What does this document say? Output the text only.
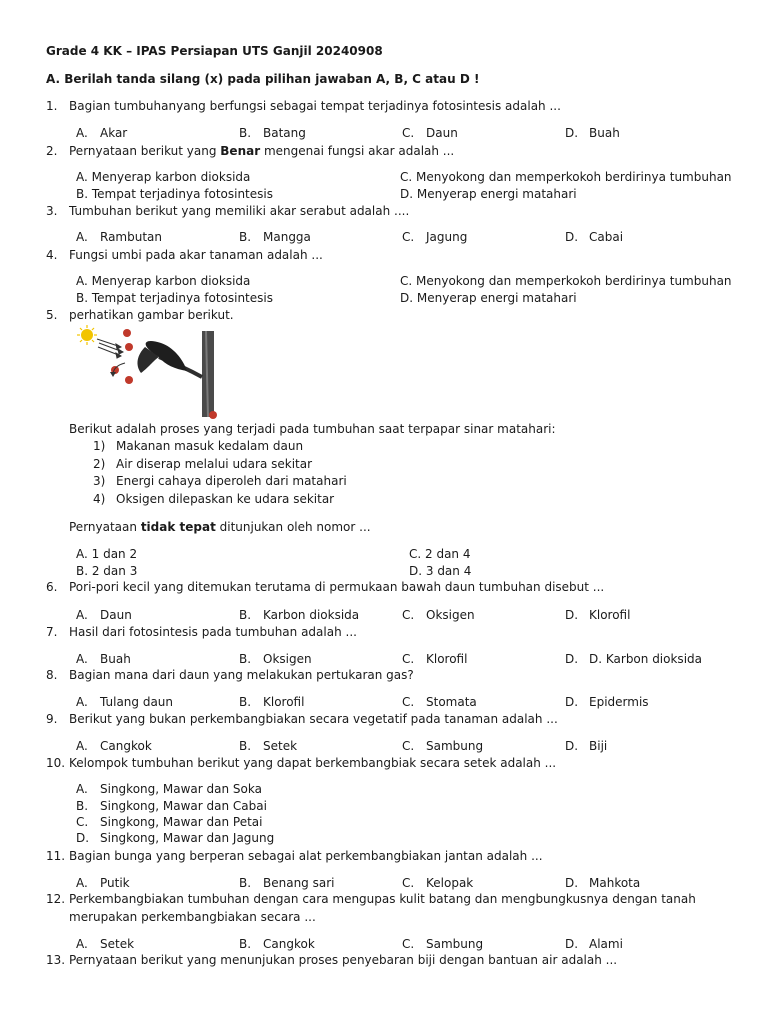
Grade 4 KK – IPAS Persiapan UTS Ganjil 20240908
A. Berilah tanda silang (x) pada pilihan jawaban A, B, C atau D !
1. Bagian tumbuhanyang berfungsi sebagai tempat terjadinya fotosintesis adalah ...
A. Akar	B. Batang	C. Daun	D. Buah
2. Pernyataan berikut yang Benar mengenai fungsi akar adalah ...
A. Menyerap karbon dioksida	C. Menyokong dan memperkokoh berdirinya tumbuhan
B. Tempat terjadinya fotosintesis	D. Menyerap energi matahari
3. Tumbuhan berikut yang memiliki akar serabut adalah ....
A. Rambutan	B. Mangga	C. Jagung	D. Cabai
4. Fungsi umbi pada akar tanaman adalah ...
A. Menyerap karbon dioksida	C. Menyokong dan memperkokoh berdirinya tumbuhan
B. Tempat terjadinya fotosintesis	D. Menyerap energi matahari
5. perhatikan gambar berikut.
Berikut adalah proses yang terjadi pada tumbuhan saat terpapar sinar matahari:
1) Makanan masuk kedalam daun
2) Air diserap melalui udara sekitar
3) Energi cahaya diperoleh dari matahari
4) Oksigen dilepaskan ke udara sekitar
Pernyataan tidak tepat ditunjukan oleh nomor ...
A. 1 dan 2	C. 2 dan 4
B. 2 dan 3	D. 3 dan 4
6. Pori-pori kecil yang ditemukan terutama di permukaan bawah daun tumbuhan disebut ...
A. Daun	B. Karbon dioksida	C. Oksigen	D. Klorofil
7. Hasil dari fotosintesis pada tumbuhan adalah ...
A. Buah	B. Oksigen	C. Klorofil	D. D. Karbon dioksida
8. Bagian mana dari daun yang melakukan pertukaran gas?
A. Tulang daun	B. Klorofil	C. Stomata	D. Epidermis
9. Berikut yang bukan perkembangbiakan secara vegetatif pada tanaman adalah ...
A. Cangkok	B. Setek	C. Sambung	D. Biji
10. Kelompok tumbuhan berikut yang dapat berkembangbiak secara setek adalah ...
A. Singkong, Mawar dan Soka
B. Singkong, Mawar dan Cabai
C. Singkong, Mawar dan Petai
D. Singkong, Mawar dan Jagung
11. Bagian bunga yang berperan sebagai alat perkembangbiakan jantan adalah ...
A. Putik	B. Benang sari	C. Kelopak	D. Mahkota
12. Perkembangbiakan tumbuhan dengan cara mengupas kulit batang dan mengbungkusnya dengan tanah
merupakan perkembangbiakan secara ...
A. Setek	B. Cangkok	C. Sambung	D. Alami
13. Pernyataan berikut yang menunjukan proses penyebaran biji dengan bantuan air adalah ...
